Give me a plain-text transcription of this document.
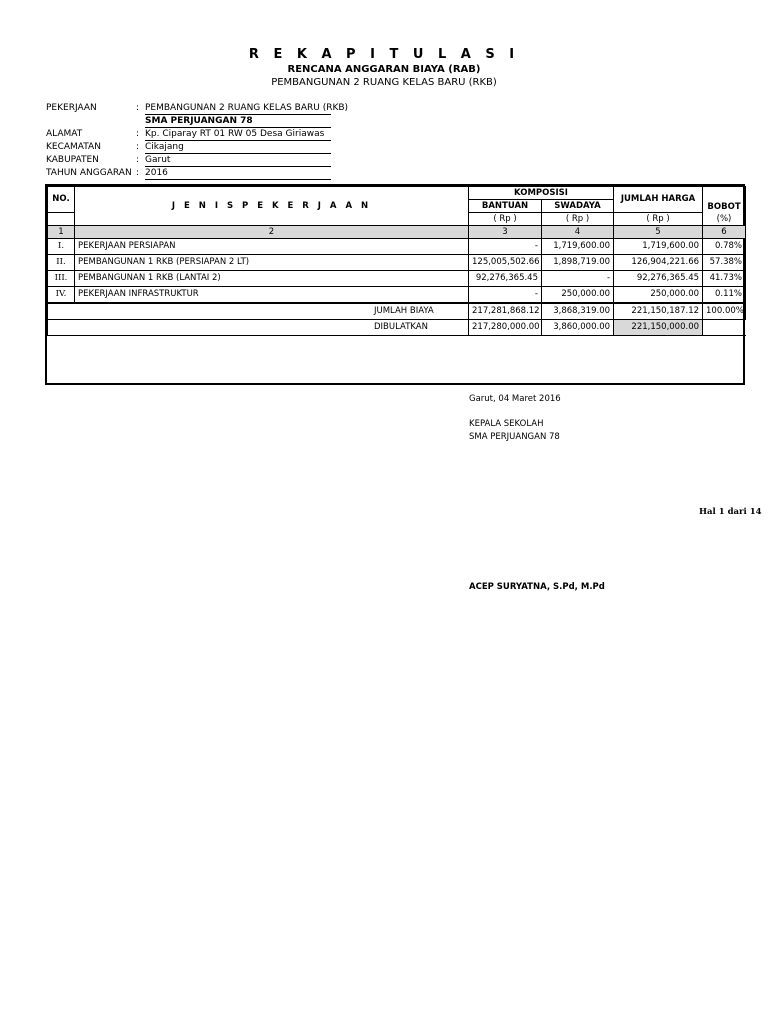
R E K A P I T U L A S I
RENCANA ANGGARAN BIAYA (RAB)
PEMBANGUNAN 2 RUANG KELAS BARU (RKB)
PEKERJAAN	: PEMBANGUNAN 2 RUANG KELAS BARU (RKB)
SMA PERJUANGAN 78
ALAMAT	: Kp. Ciparay RT 01 RW 05 Desa Giriawas
KECAMATAN	: Cikajang
KABUPATEN	: Garut
TAHUN ANGGARAN : 2016
NO.	J E N I S P E K E R J A A N	KOMPOSISI		JUMLAH HARGA	BOBOT
		BANTUAN	SWADAYA		
		( Rp )	( Rp )	( Rp )	(%)
1	2	3	4	5	6
I.	PEKERJAAN PERSIAPAN	-	1,719,600.00	1,719,600.00	0.78%
II.	PEMBANGUNAN 1 RKB (PERSIAPAN 2 LT)	125,005,502.66	1,898,719.00	126,904,221.66	57.38%
III.	PEMBANGUNAN 1 RKB (LANTAI 2)	92,276,365.45	-	92,276,365.45	41.73%
IV.	PEKERJAAN INFRASTRUKTUR	-	250,000.00	250,000.00	0.11%
JUMLAH BIAYA		217,281,868.12	3,868,319.00	221,150,187.12	100.00%
DIBULATKAN		217,280,000.00	3,860,000.00	221,150,000.00	
Garut, 04 Maret 2016
KEPALA SEKOLAH
SMA PERJUANGAN 78
Hal 1 dari 14
ACEP SURYATNA, S.Pd, M.Pd
